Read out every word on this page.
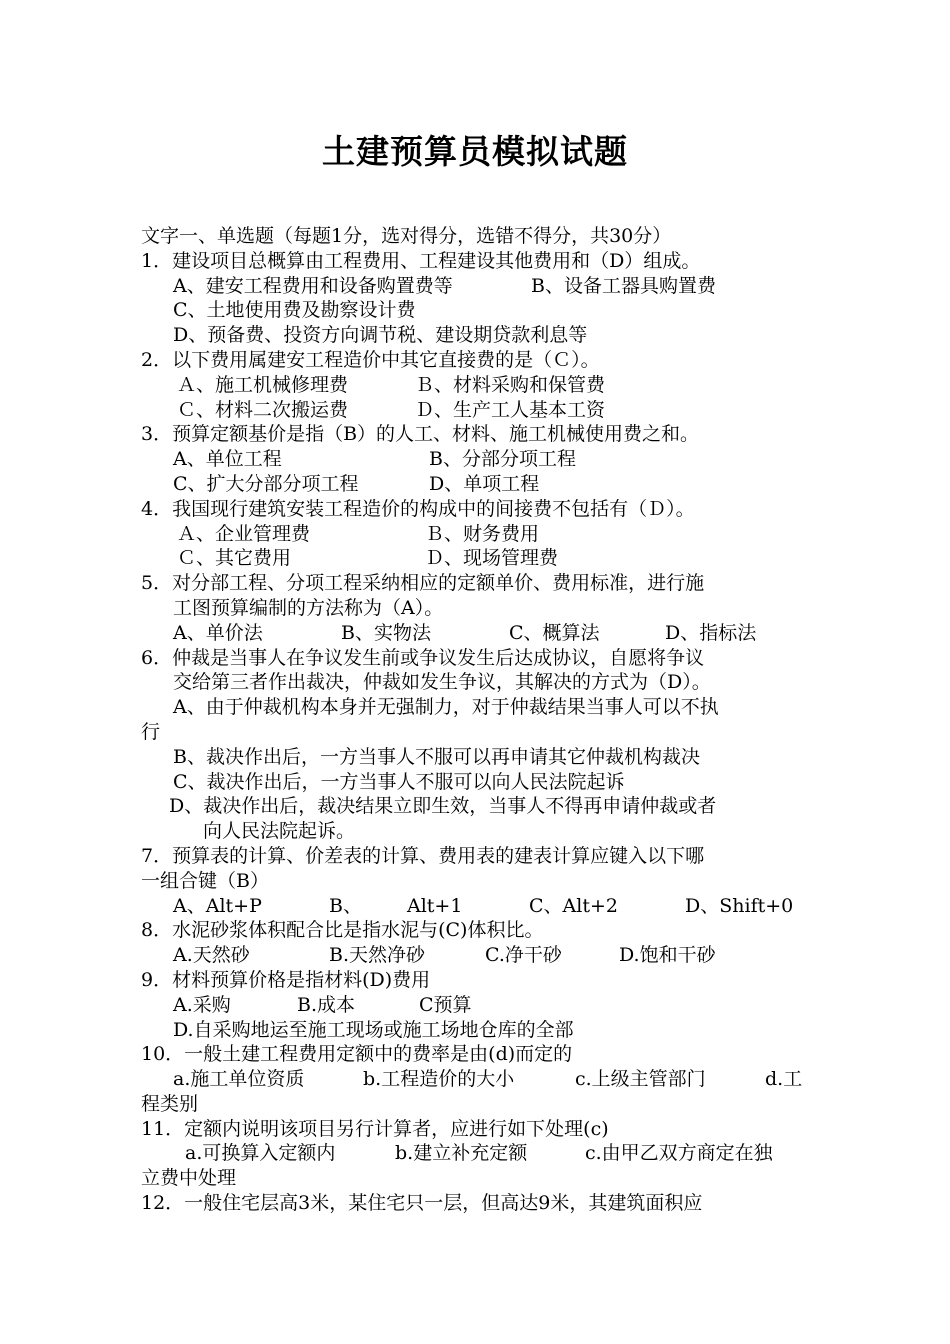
土建预算员模拟试题
文字一、单选题（每题1分，选对得分，选错不得分，共30分）
1．建设项目总概算由工程费用、工程建设其他费用和（D）组成。
A、建安工程费用和设备购置费等	B、设备工器具购置费
C、土地使用费及勘察设计费
D、预备费、投资方向调节税、建设期贷款利息等
2．以下费用属建安工程造价中其它直接费的是（Ｃ）。
Ａ、施工机械修理费	Ｂ、材料采购和保管费
Ｃ、材料二次搬运费	Ｄ、生产工人基本工资
3．预算定额基价是指（B）的人工、材料、施工机械使用费之和。
A、单位工程	B、分部分项工程
C、扩大分部分项工程	D、单项工程
4．我国现行建筑安装工程造价的构成中的间接费不包括有（Ｄ）。
Ａ、企业管理费	Ｂ、财务费用
Ｃ、其它费用	Ｄ、现场管理费
5．对分部工程、分项工程采纳相应的定额单价、费用标准，进行施
工图预算编制的方法称为（A）。
A、单价法	B、实物法	C、概算法	D、指标法
6．仲裁是当事人在争议发生前或争议发生后达成协议，自愿将争议
交给第三者作出裁决，仲裁如发生争议，其解决的方式为（D）。
A、由于仲裁机构本身并无强制力，对于仲裁结果当事人可以不执
行
B、裁决作出后，一方当事人不服可以再申请其它仲裁机构裁决
C、裁决作出后，一方当事人不服可以向人民法院起诉
D、裁决作出后，裁决结果立即生效，当事人不得再申请仲裁或者
向人民法院起诉。
7．预算表的计算、价差表的计算、费用表的建表计算应键入以下哪
一组合键（B）
A、Alt+P	B、 Alt+1	C、Alt+2	D、Shift+0
8．水泥砂浆体积配合比是指水泥与(C)体积比。
A.天然砂	B.天然净砂	C.净干砂	D.饱和干砂
9．材料预算价格是指材料(D)费用
A.采购	B.成本	C预算
D.自采购地运至施工现场或施工场地仓库的全部
10．一般土建工程费用定额中的费率是由(d)而定的
a.施工单位资质	b.工程造价的大小	c.上级主管部门	d.工
程类别
11．定额内说明该项目另行计算者，应进行如下处理(c)
a.可换算入定额内	b.建立补充定额	c.由甲乙双方商定在独
立费中处理
12．一般住宅层高3米，某住宅只一层，但高达9米，其建筑面积应
